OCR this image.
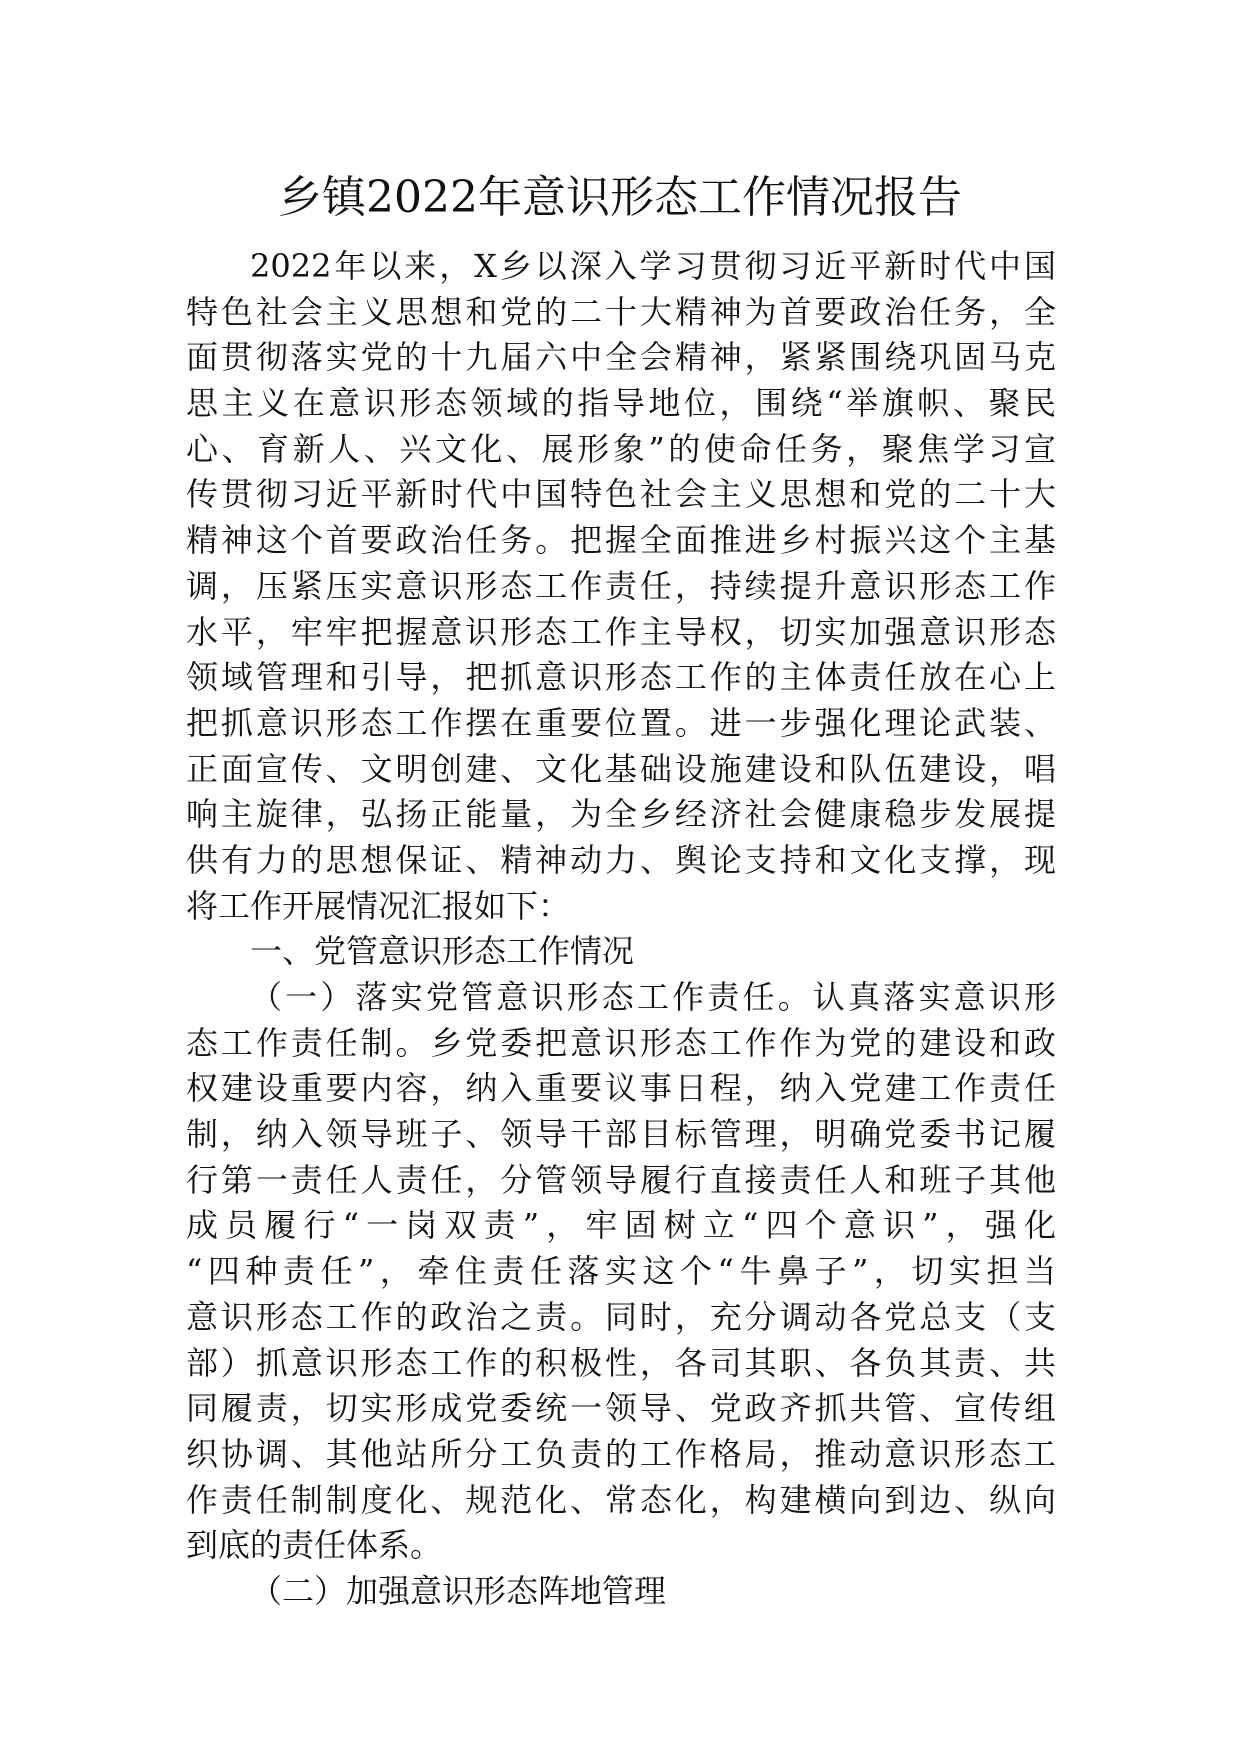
乡镇2022年意识形态工作情况报告
2022年以来，X乡以深入学习贯彻习近平新时代中国
特色社会主义思想和党的二十大精神为首要政治任务，全
面贯彻落实党的十九届六中全会精神，紧紧围绕巩固马克
思主义在意识形态领域的指导地位，围绕“举旗帜、聚民
心、育新人、兴文化、展形象”的使命任务，聚焦学习宣
传贯彻习近平新时代中国特色社会主义思想和党的二十大
精神这个首要政治任务。把握全面推进乡村振兴这个主基
调，压紧压实意识形态工作责任，持续提升意识形态工作
水平，牢牢把握意识形态工作主导权，切实加强意识形态
领域管理和引导，把抓意识形态工作的主体责任放在心上
把抓意识形态工作摆在重要位置。进一步强化理论武装、
正面宣传、文明创建、文化基础设施建设和队伍建设，唱
响主旋律，弘扬正能量，为全乡经济社会健康稳步发展提
供有力的思想保证、精神动力、舆论支持和文化支撑，现
将工作开展情况汇报如下：
一、党管意识形态工作情况
（一）落实党管意识形态工作责任。认真落实意识形
态工作责任制。乡党委把意识形态工作作为党的建设和政
权建设重要内容，纳入重要议事日程，纳入党建工作责任
制，纳入领导班子、领导干部目标管理，明确党委书记履
行第一责任人责任，分管领导履行直接责任人和班子其他
成员履行“一岗双责”，牢固树立“四个意识”，强化
“四种责任”，牵住责任落实这个“牛鼻子”，切实担当
意识形态工作的政治之责。同时，充分调动各党总支（支
部）抓意识形态工作的积极性，各司其职、各负其责、共
同履责，切实形成党委统一领导、党政齐抓共管、宣传组
织协调、其他站所分工负责的工作格局，推动意识形态工
作责任制制度化、规范化、常态化，构建横向到边、纵向
到底的责任体系。
（二）加强意识形态阵地管理
